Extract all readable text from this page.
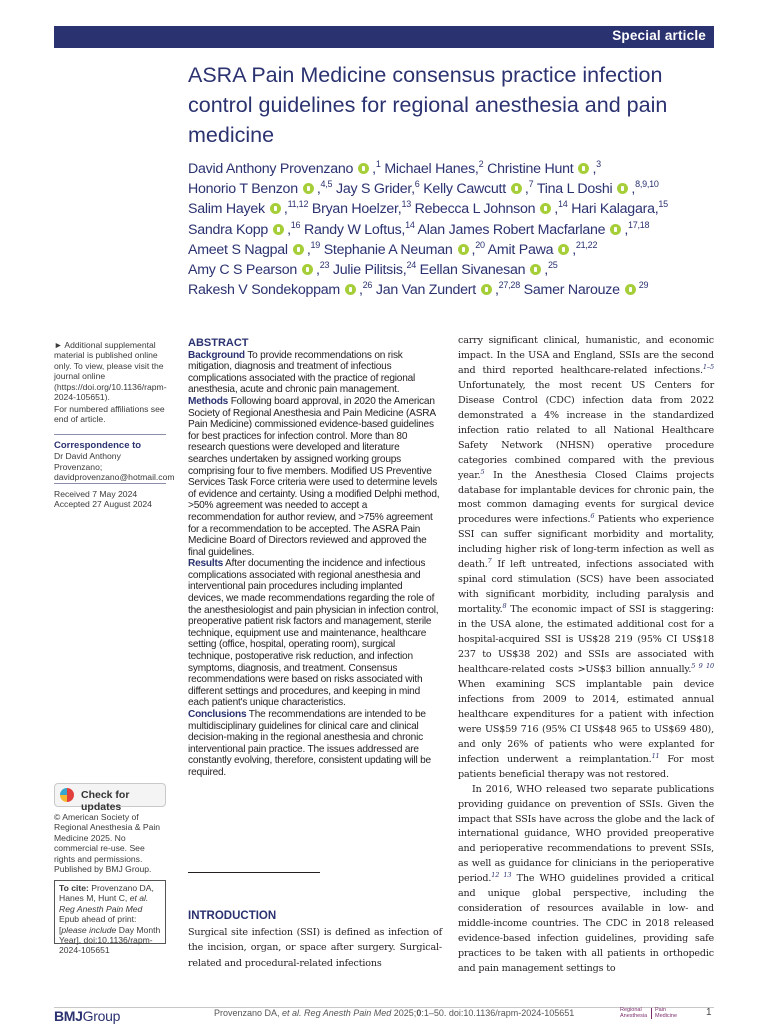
Special article
ASRA Pain Medicine consensus practice infection control guidelines for regional anesthesia and pain medicine
David Anthony Provenzano ,$^1$ Michael Hanes,$^2$ Christine Hunt ,$^3$
Honorio T Benzon ,$^{4,5}$ Jay S Grider,$^6$ Kelly Cawcutt ,$^7$ Tina L Doshi ,$^{8,9,10}$
Salim Hayek ,$^{11,12}$ Bryan Hoelzer,$^{13}$ Rebecca L Johnson ,$^{14}$ Hari Kalagara,$^{15}$
Sandra Kopp ,$^{16}$ Randy W Loftus,$^{14}$ Alan James Robert Macfarlane ,$^{17,18}$
Ameet S Nagpal ,$^{19}$ Stephanie A Neuman ,$^{20}$ Amit Pawa ,$^{21,22}$
Amy C S Pearson ,$^{23}$ Julie Pilitsis,$^{24}$ Eellan Sivanesan ,$^{25}$
Rakesh V Sondekoppam ,$^{26}$ Jan Van Zundert ,$^{27,28}$ Samer Narouze $^{29}$
► Additional supplemental material is published online only. To view, please visit the journal online (https://doi.org/10.1136/rapm-2024-105651).
For numbered affiliations see end of article.
Correspondence to
Dr David Anthony Provenzano;
davidprovenzano@hotmail.com
Received 7 May 2024
Accepted 27 August 2024
Check for updates
© American Society of Regional Anesthesia & Pain Medicine 2025. No commercial re-use. See rights and permissions. Published by BMJ Group.
To cite: Provenzano DA, Hanes M, Hunt C, et al. Reg Anesth Pain Med Epub ahead of print: [please include Day Month Year]. doi:10.1136/rapm-2024-105651
ABSTRACT

Background To provide recommendations on risk mitigation, diagnosis and treatment of infectious complications associated with the practice of regional anesthesia, acute and chronic pain management.

Methods Following board approval, in 2020 the American Society of Regional Anesthesia and Pain Medicine (ASRA Pain Medicine) commissioned evidence-based guidelines for best practices for infection control. More than 80 research questions were developed and literature searches undertaken by assigned working groups comprising four to five members. Modified US Preventive Services Task Force criteria were used to determine levels of evidence and certainty. Using a modified Delphi method, >50% agreement was needed to accept a recommendation for author review, and >75% agreement for a recommendation to be accepted. The ASRA Pain Medicine Board of Directors reviewed and approved the final guidelines.

Results After documenting the incidence and infectious complications associated with regional anesthesia and interventional pain procedures including implanted devices, we made recommendations regarding the role of the anesthesiologist and pain physician in infection control, preoperative patient risk factors and management, sterile technique, equipment use and maintenance, healthcare setting (office, hospital, operating room), surgical technique, postoperative risk reduction, and infection symptoms, diagnosis, and treatment. Consensus recommendations were based on risks associated with different settings and procedures, and keeping in mind each patient's unique characteristics.

Conclusions The recommendations are intended to be multidisciplinary guidelines for clinical care and clinical decision-making in the regional anesthesia and chronic interventional pain practice. The issues addressed are constantly evolving, therefore, consistent updating will be required.

INTRODUCTION

Surgical site infection (SSI) is defined as infection of the incision, organ, or space after surgery. Surgical-related and procedural-related infections

carry significant clinical, humanistic, and economic impact. In the USA and England, SSIs are the second and third reported healthcare-related infections.$^{1-5}$ Unfortunately, the most recent US Centers for Disease Control (CDC) infection data from 2022 demonstrated a 4% increase in the standardized infection ratio related to all National Healthcare Safety Network (NHSN) operative procedure categories combined compared with the previous year.$^5$ In the Anesthesia Closed Claims projects database for implantable devices for chronic pain, the most common damaging events for surgical device procedures were infections.$^6$ Patients who experience SSI can suffer significant morbidity and mortality, including higher risk of long-term infection as well as death.$^7$ If left untreated, infections associated with spinal cord stimulation (SCS) have been associated with significant morbidity, including paralysis and mortality.$^8$ The economic impact of SSI is staggering: in the USA alone, the estimated additional cost for a hospital-acquired SSI is US$28 219 (95% CI US$18 237 to US$38 202) and SSIs are associated with healthcare-related costs >US$3 billion annually.$^{5 9 10}$ When examining SCS implantable pain device infections from 2009 to 2014, estimated annual healthcare expenditures for a patient with infection were US$59 716 (95% CI US$48 965 to US$69 480), and only 26% of patients who were explanted for infection underwent a reimplantation.$^{11}$ For most patients beneficial therapy was not restored.

In 2016, WHO released two separate publications providing guidance on prevention of SSIs. Given the impact that SSIs have across the globe and the lack of international guidance, WHO provided preoperative and perioperative recommendations to prevent SSIs, as well as guidance for clinicians in the perioperative period.$^{12 13}$ The WHO guidelines provided a critical and unique global perspective, including the consideration of resources available in low- and middle-income countries. The CDC in 2018 released evidence-based infection guidelines, providing safe practices to be taken with all patients in orthopedic and pain management settings to

BMJGroup	Provenzano DA, et al. Reg Anesth Pain Med 2025;0:1–50. doi:10.1136/rapm-2024-105651	Regional
Anesthesia
Pain
Medicine	1
